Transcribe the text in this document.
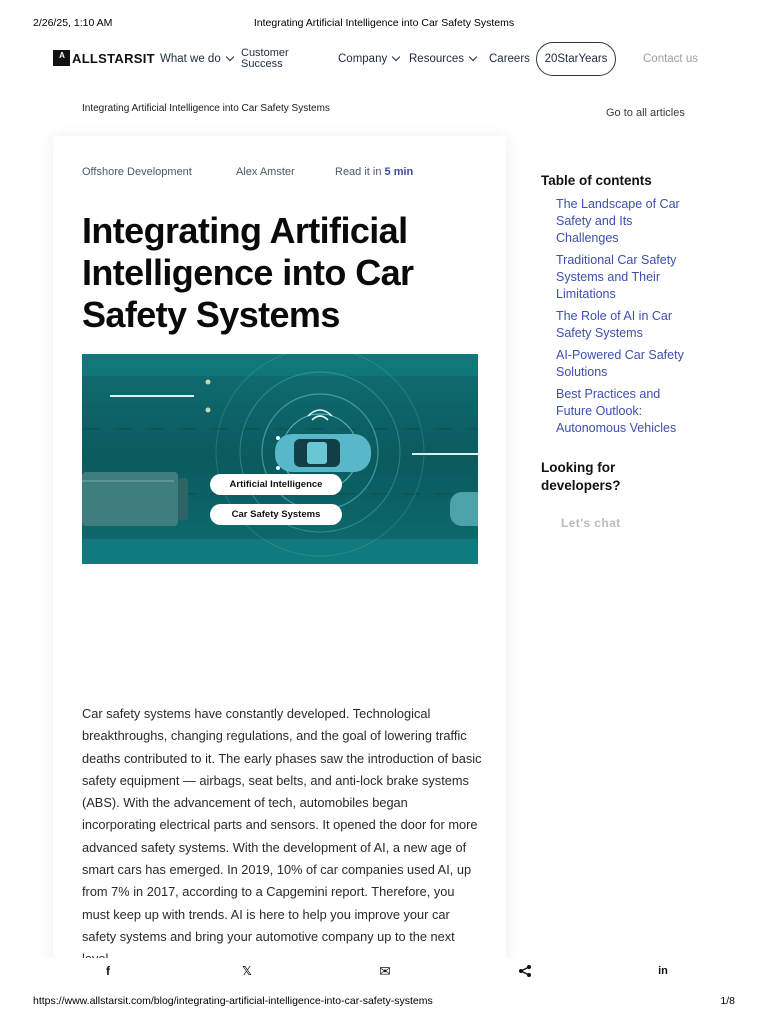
2/26/25, 1:10 AM	Integrating Artificial Intelligence into Car Safety Systems
A ALLSTARSIT What we do Customer
Success	Company Resources Careers	20StarYears	Contact us
Integrating Artificial Intelligence into Car Safety Systems	Go to all articles
Offshore Development	Alex Amster	Read it in 5 min
Integrating Artificial Intelligence into Car Safety Systems
Artificial Intelligence
Car Safety Systems

Car safety systems have constantly developed. Technological breakthroughs, changing regulations, and the goal of lowering traffic deaths contributed to it. The early phases saw the introduction of basic safety equipment — airbags, seat belts, and anti-lock brake systems (ABS). With the advancement of tech, automobiles began incorporating electrical parts and sensors. It opened the door for more advanced safety systems. With the development of AI, a new age of smart cars has emerged. In 2019, 10% of car companies used AI, up from 7% in 2017, according to a Capgemini report. Therefore, you must keep up with trends. AI is here to help you improve your car safety systems and bring your automotive company up to the next

Table of contents
The Landscape of Car Safety and Its Challenges
Traditional Car Safety Systems and Their Limitations
The Role of AI in Car Safety Systems
AI-Powered Car Safety Solutions
Best Practices and Future Outlook: Autonomous Vehicles
Looking for developers?
Let's chat
f	𝕏	✉	in
https://www.allstarsit.com/blog/integrating-artificial-intelligence-into-car-safety-systems	1/8
